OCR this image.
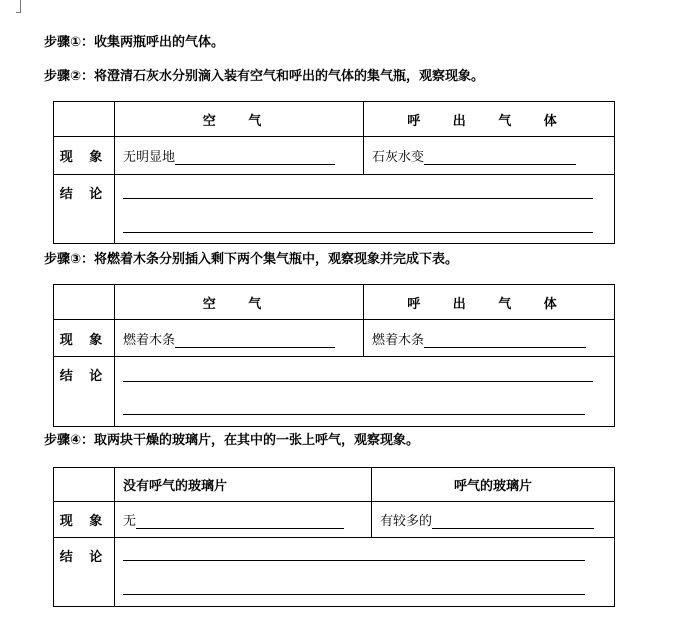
步骤①：收集两瓶呼出的气体。
步骤②：将澄清石灰水分别滴入装有空气和呼出的气体的集气瓶，观察现象。
	空 气	呼 出 气 体
现 象	无明显地	石灰水变
结 论		
步骤③：将燃着木条分别插入剩下两个集气瓶中，观察现象并完成下表。
	空 气	呼 出 气 体
现 象	燃着木条	燃着木条
结 论		
步骤④：取两块干燥的玻璃片，在其中的一张上呼气，观察现象。
	没有呼气的玻璃片	呼气的玻璃片
现 象	无	有较多的
结 论		
